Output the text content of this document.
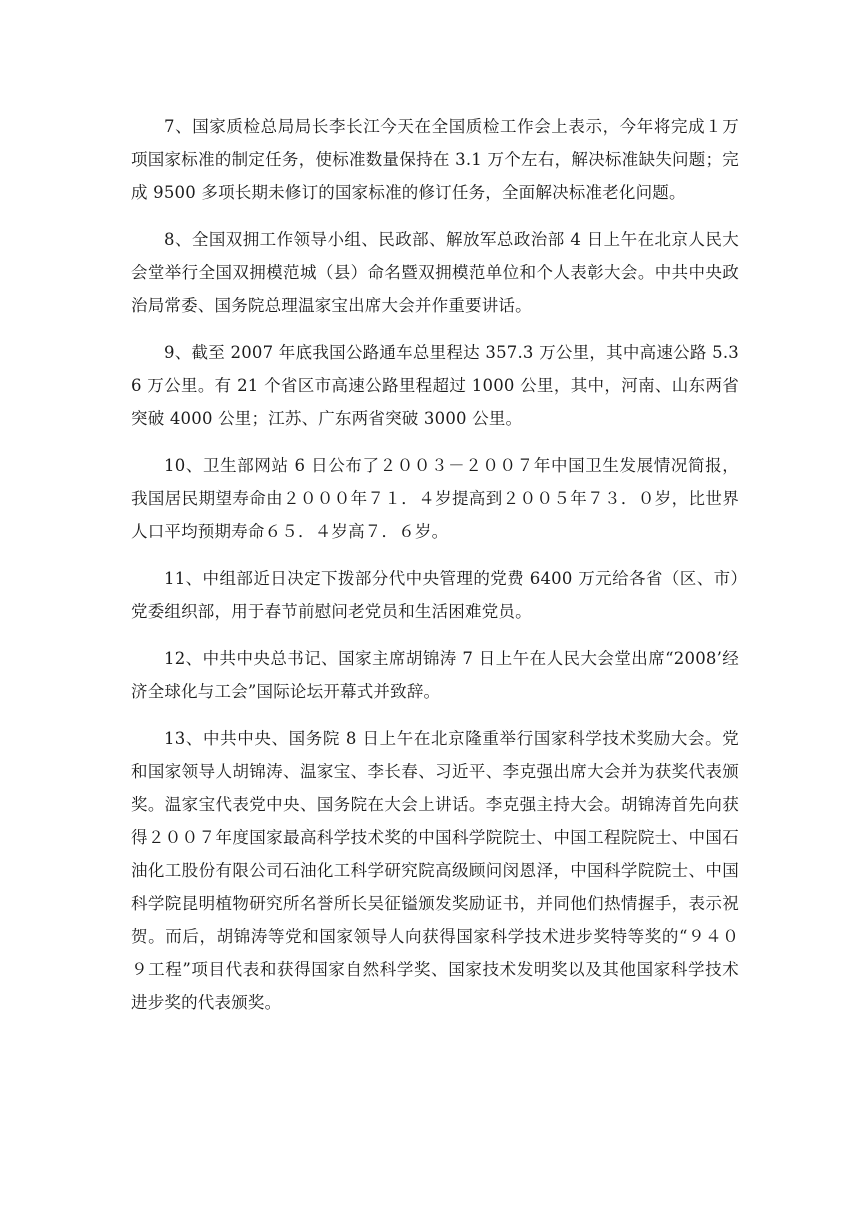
7、国家质检总局局长李长江今天在全国质检工作会上表示，今年将完成１万项国家标准的制定任务，使标准数量保持在 3.1 万个左右，解决标准缺失问题；完成 9500 多项长期未修订的国家标准的修订任务，全面解决标准老化问题。

8、全国双拥工作领导小组、民政部、解放军总政治部 4 日上午在北京人民大会堂举行全国双拥模范城（县）命名暨双拥模范单位和个人表彰大会。中共中央政治局常委、国务院总理温家宝出席大会并作重要讲话。

9、截至 2007 年底我国公路通车总里程达 357.3 万公里，其中高速公路 5.36 万公里。有 21 个省区市高速公路里程超过 1000 公里，其中，河南、山东两省突破 4000 公里；江苏、广东两省突破 3000 公里。

10、卫生部网站 6 日公布了２００３－２００７年中国卫生发展情况简报，我国居民期望寿命由２０００年７１．４岁提高到２００５年７３．０岁，比世界人口平均预期寿命６５．４岁高７．６岁。

11、中组部近日决定下拨部分代中央管理的党费 6400 万元给各省（区、市）党委组织部，用于春节前慰问老党员和生活困难党员。

12、中共中央总书记、国家主席胡锦涛 7 日上午在人民大会堂出席“2008’经济全球化与工会”国际论坛开幕式并致辞。

13、中共中央、国务院 8 日上午在北京隆重举行国家科学技术奖励大会。党和国家领导人胡锦涛、温家宝、李长春、习近平、李克强出席大会并为获奖代表颁奖。温家宝代表党中央、国务院在大会上讲话。李克强主持大会。胡锦涛首先向获得２００７年度国家最高科学技术奖的中国科学院院士、中国工程院院士、中国石油化工股份有限公司石油化工科学研究院高级顾问闵恩泽，中国科学院院士、中国科学院昆明植物研究所名誉所长吴征镒颁发奖励证书，并同他们热情握手，表示祝贺。而后，胡锦涛等党和国家领导人向获得国家科学技术进步奖特等奖的“９４０９工程”项目代表和获得国家自然科学奖、国家技术发明奖以及其他国家科学技术进步奖的代表颁奖。
